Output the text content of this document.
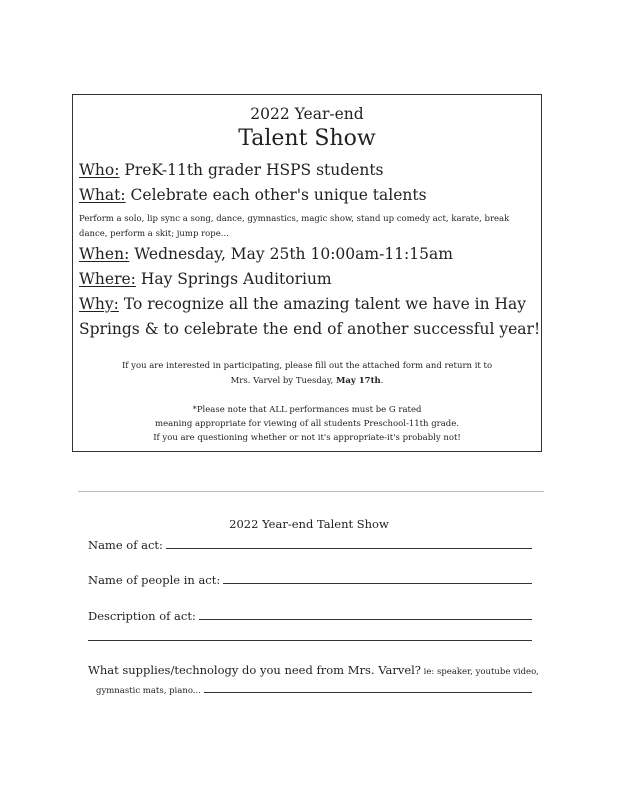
2022 Year-end
Talent Show
Who: PreK-11th grader HSPS students
What: Celebrate each other's unique talents
Perform a solo, lip sync a song, dance, gymnastics, magic show, stand up comedy act, karate, break dance, perform a skit; jump rope...
When: Wednesday, May 25th 10:00am-11:15am
Where: Hay Springs Auditorium
Why: To recognize all the amazing talent we have in Hay
Springs & to celebrate the end of another successful year!
If you are interested in participating, please fill out the attached form and return it to
Mrs. Varvel by Tuesday, May 17th.
*Please note that ALL performances must be G rated
meaning appropriate for viewing of all students Preschool-11th grade.
If you are questioning whether or not it's appropriate-it's probably not!
2022 Year-end Talent Show
Name of act:
Name of people in act:
Description of act:
What supplies/technology do you need from Mrs. Varvel? ie: speaker, youtube video,
gymnastic mats, piano...
